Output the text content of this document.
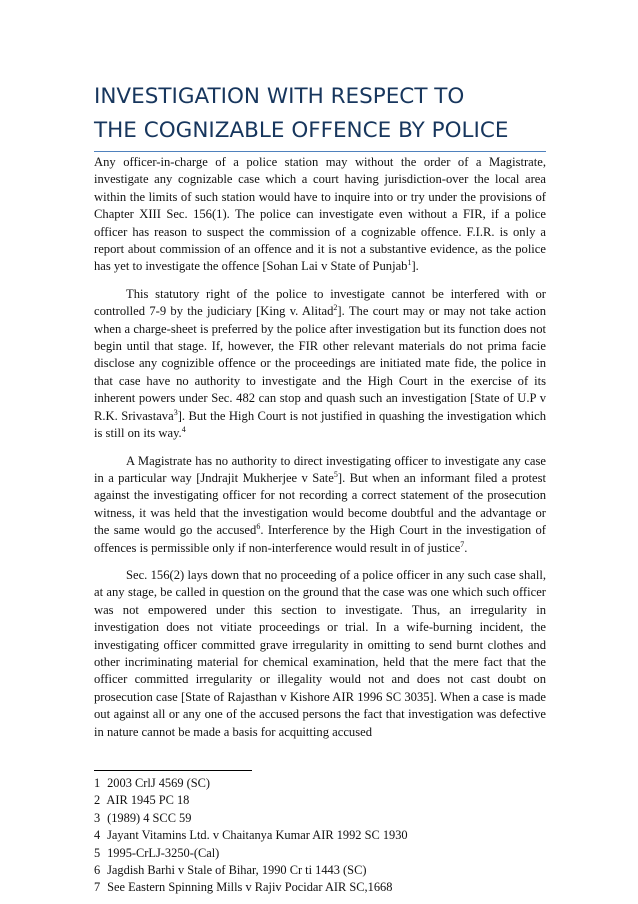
INVESTIGATION WITH RESPECT TO
THE COGNIZABLE OFFENCE BY POLICE

Any officer-in-charge of a police station may without the order of a Magistrate, investigate any cognizable case which a court having jurisdiction-over the local area within the limits of such station would have to inquire into or try under the provisions of Chapter XIII Sec. 156(1). The police can investigate even without a FIR, if a police officer has reason to suspect the commission of a cognizable offence. F.I.R. is only a report about commission of an offence and it is not a substantive evidence, as the police has yet to investigate the offence [Sohan Lai v State of Punjab$^1$].

This statutory right of the police to investigate cannot be interfered with or controlled 7-9 by the judiciary [King v. Alitad$^2$]. The court may or may not take action when a charge-sheet is preferred by the police after investigation but its function does not begin until that stage. If, however, the FIR other relevant materials do not prima facie disclose any cognizible offence or the proceedings are initiated mate fide, the police in that case have no authority to investigate and the High Court in the exercise of its inherent powers under Sec. 482 can stop and quash such an investigation [State of U.P v R.K. Srivastava$^3$]. But the High Court is not justified in quashing the investigation which is still on its way.$^4$

A Magistrate has no authority to direct investigating officer to investigate any case in a particular way [Jndrajit Mukherjee v Sate$^5$]. But when an informant filed a protest against the investigating officer for not recording a correct statement of the prosecution witness, it was held that the investigation would become doubtful and the advantage or the same would go the accused$^6$. Interference by the High Court in the investigation of offences is permissible only if non-interference would result in of justice$^7$.

Sec. 156(2) lays down that no proceeding of a police officer in any such case shall, at any stage, be called in question on the ground that the case was one which such officer was not empowered under this section to investigate. Thus, an irregularity in investigation does not vitiate proceedings or trial. In a wife-burning incident, the investigating officer committed grave irregularity in omitting to send burnt clothes and other incriminating material for chemical examination, held that the mere fact that the officer committed irregularity or illegality would not and does not cast doubt on prosecution case [State of Rajasthan v Kishore AIR 1996 SC 3035]. When a case is made out against all or any one of the accused persons the fact that investigation was defective in nature cannot be made a basis for acquitting accused

1 2003 CrlJ 4569 (SC)
2 AIR 1945 PC 18
3 (1989) 4 SCC 59
4 Jayant Vitamins Ltd. v Chaitanya Kumar AIR 1992 SC 1930
5 1995-CrLJ-3250-(Cal)
6 Jagdish Barhi v Stale of Bihar, 1990 Cr ti 1443 (SC)
7 See Eastern Spinning Mills v Rajiv Pocidar AIR SC,1668
